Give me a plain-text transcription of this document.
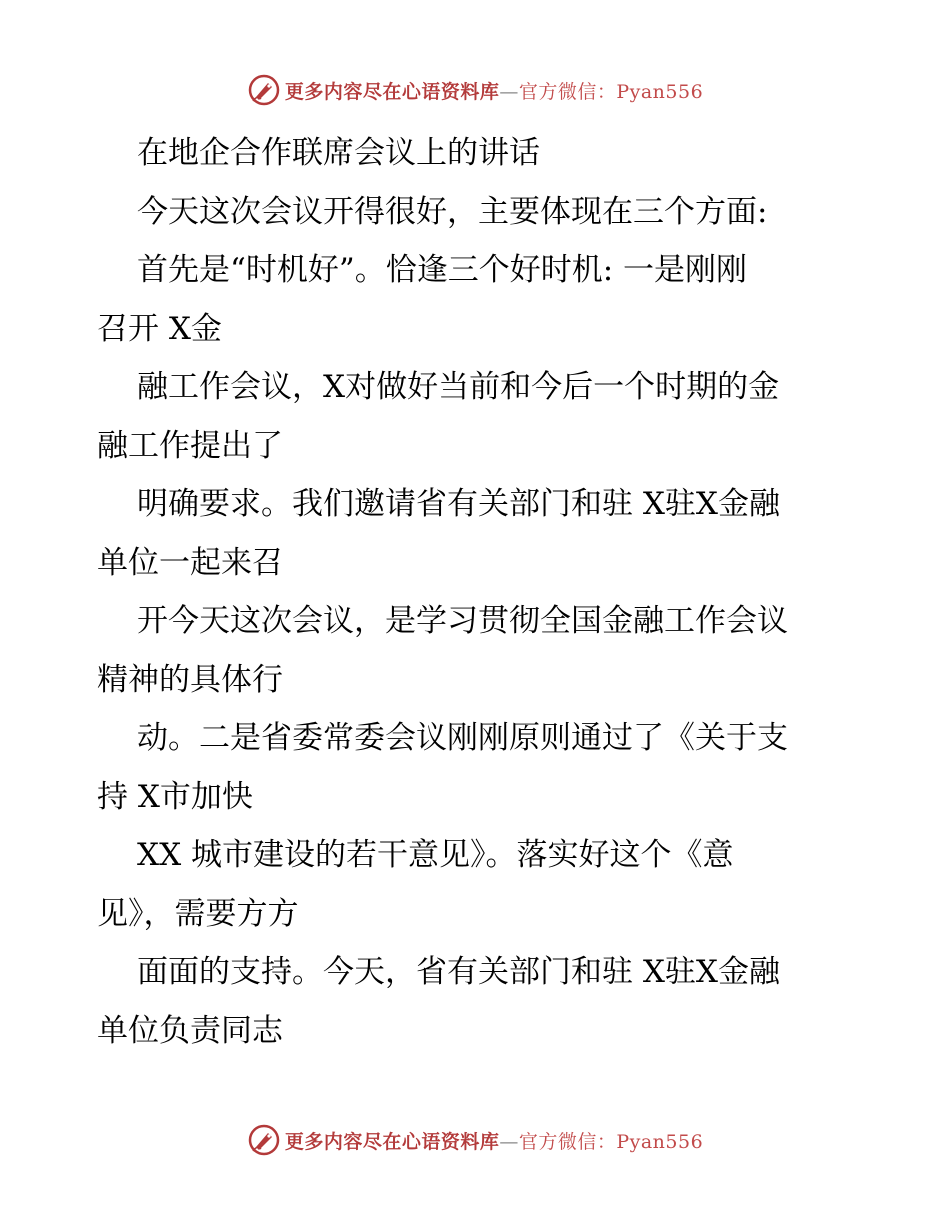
更多内容尽在心语资料库—官方微信：Pyan556
在地企合作联席会议上的讲话
今天这次会议开得很好，主要体现在三个方面:
首先是“时机好”。恰逢三个好时机: 一是刚刚
召开 X金
融工作会议，X对做好当前和今后一个时期的金
融工作提出了
明确要求。我们邀请省有关部门和驻 X驻X金融
单位一起来召
开今天这次会议，是学习贯彻全国金融工作会议
精神的具体行
动。二是省委常委会议刚刚原则通过了《关于支
持 X市加快
XX 城市建设的若干意见》。落实好这个《意
见》，需要方方
面面的支持。今天，省有关部门和驻 X驻X金融
单位负责同志
更多内容尽在心语资料库—官方微信：Pyan556
